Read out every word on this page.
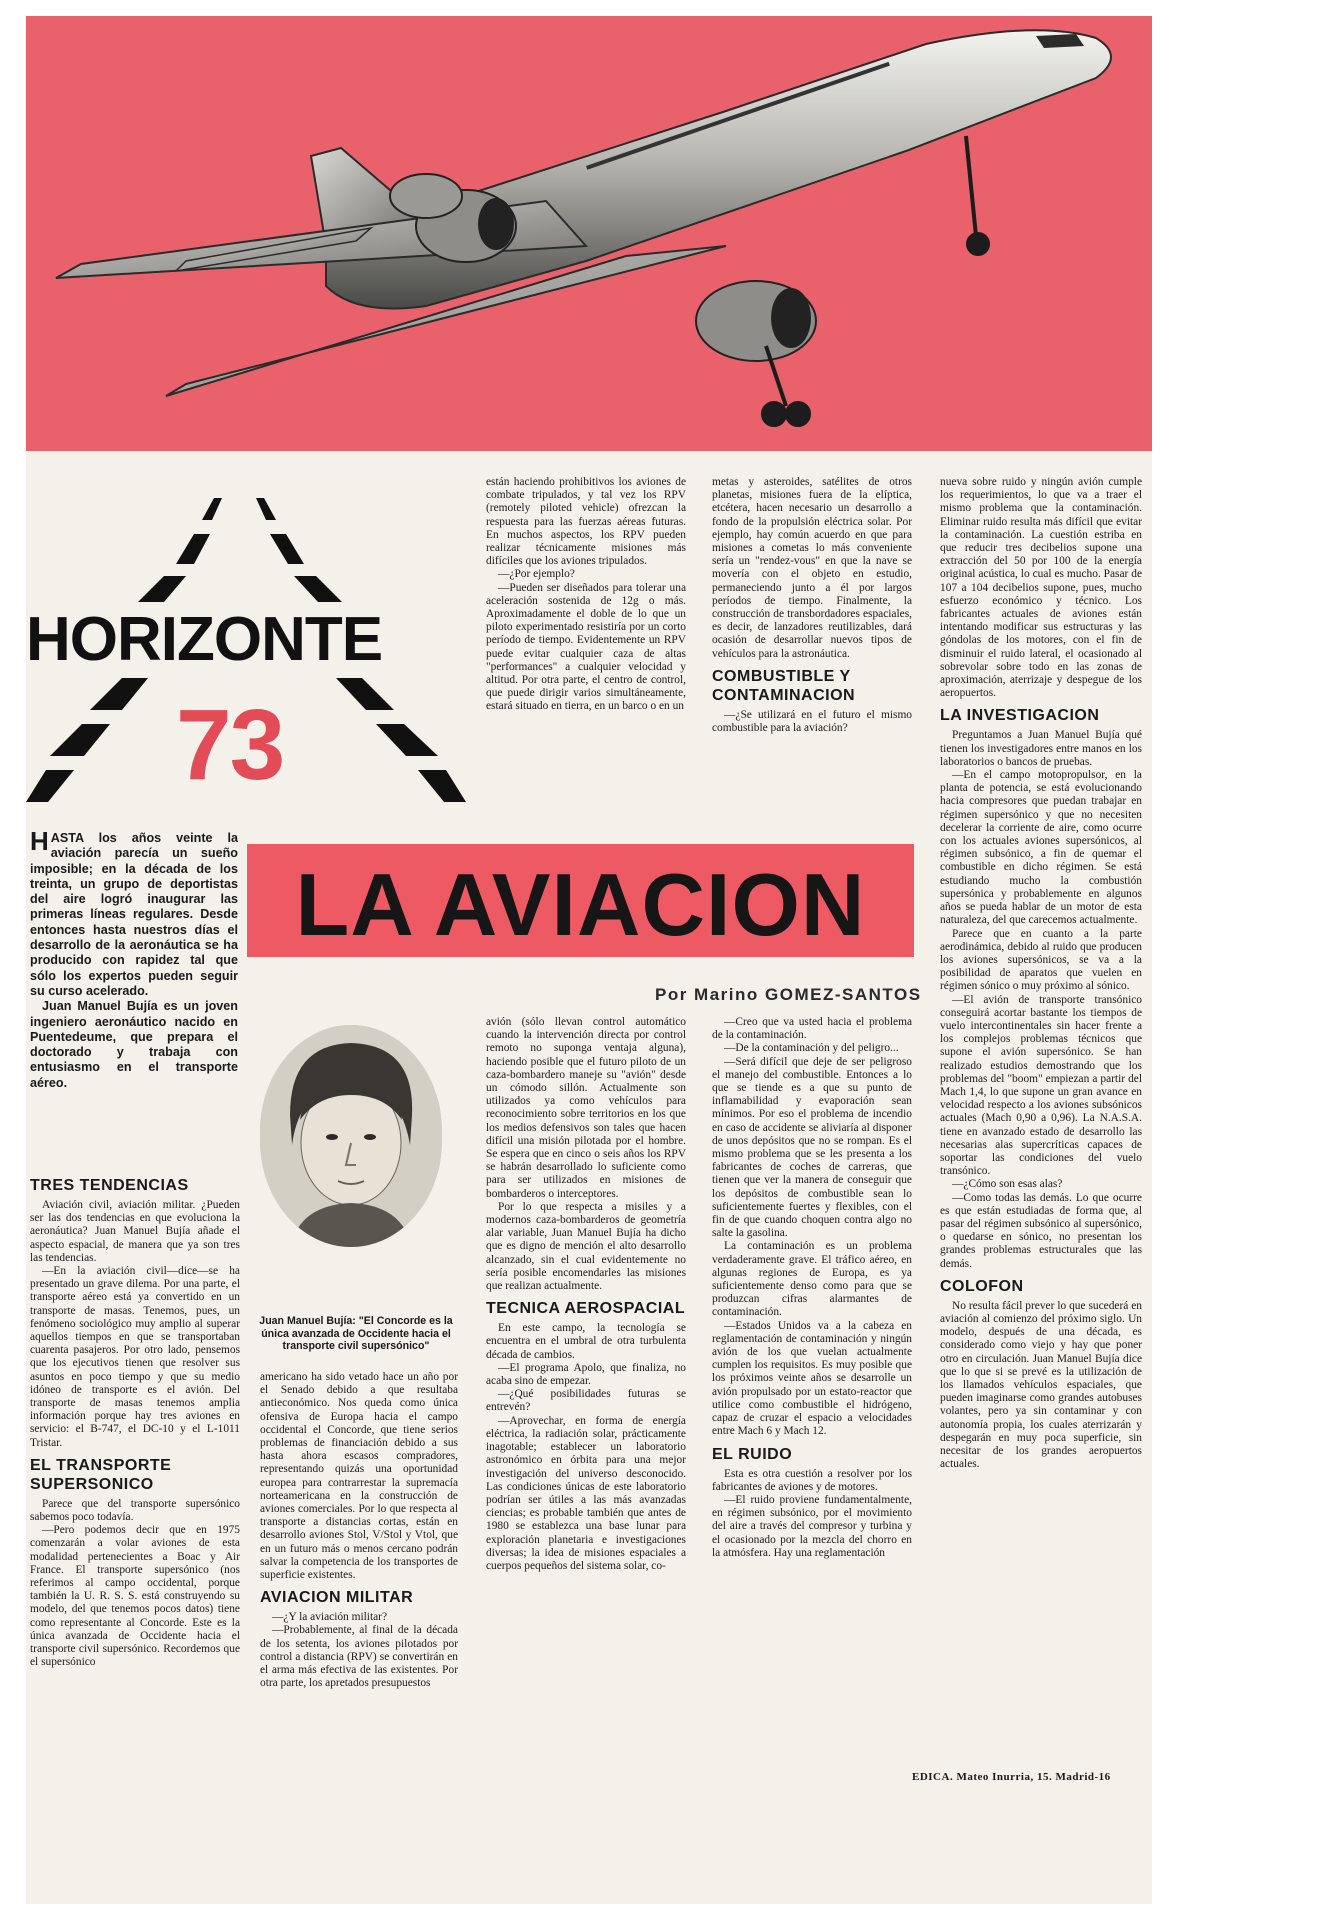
HORIZONTE
73
LA AVIACION
Por Marino GOMEZ-SANTOS

HASTA los años veinte la aviación parecía un sueño imposible; en la década de los treinta, un grupo de deportistas del aire logró inaugurar las primeras líneas regulares. Desde entonces hasta nuestros días el desarrollo de la aeronáutica se ha producido con rapidez tal que sólo los expertos pueden seguir su curso acelerado.

Juan Manuel Bujía es un joven ingeniero aeronáutico nacido en Puentedeume, que prepara el doctorado y trabaja con entusiasmo en el transporte aéreo.

TRES TENDENCIAS

Aviación civil, aviación militar. ¿Pueden ser las dos tendencias en que evoluciona la aeronáutica? Juan Manuel Bujía añade el aspecto espacial, de manera que ya son tres las tendencias.

—En la aviación civil—dice—se ha presentado un grave dilema. Por una parte, el transporte aéreo está ya convertido en un transporte de masas. Tenemos, pues, un fenómeno sociológico muy amplio al superar aquellos tiempos en que se transportaban cuarenta pasajeros. Por otro lado, pensemos que los ejecutivos tienen que resolver sus asuntos en poco tiempo y que su medio idóneo de transporte es el avión. Del transporte de masas tenemos amplia información porque hay tres aviones en servicio: el B-747, el DC-10 y el L-1011 Tristar.

EL TRANSPORTE SUPERSONICO

Parece que del transporte supersónico sabemos poco todavía.

—Pero podemos decir que en 1975 comenzarán a volar aviones de esta modalidad pertenecientes a Boac y Air France. El transporte supersónico (nos referimos al campo occidental, porque también la U. R. S. S. está construyendo su modelo, del que tenemos pocos datos) tiene como representante al Concorde. Este es la única avanzada de Occidente hacia el transporte civil supersónico. Recordemos que el supersónico

Juan Manuel Bujía: "El Concorde es la única avanzada de Occidente hacia el transporte civil supersónico"

americano ha sido vetado hace un año por el Senado debido a que resultaba antieconómico. Nos queda como única ofensiva de Europa hacia el campo occidental el Concorde, que tiene serios problemas de financiación debido a sus hasta ahora escasos compradores, representando quizás una oportunidad europea para contrarrestar la supremacía norteamericana en la construcción de aviones comerciales. Por lo que respecta al transporte a distancias cortas, están en desarrollo aviones Stol, V/Stol y Vtol, que en un futuro más o menos cercano podrán salvar la competencia de los transportes de superficie existentes.

AVIACION MILITAR

—¿Y la aviación militar?

—Probablemente, al final de la década de los setenta, los aviones pilotados por control a distancia (RPV) se convertirán en el arma más efectiva de las existentes. Por otra parte, los apretados presupuestos

están haciendo prohibitivos los aviones de combate tripulados, y tal vez los RPV (remotely piloted vehicle) ofrezcan la respuesta para las fuerzas aéreas futuras. En muchos aspectos, los RPV pueden realizar técnicamente misiones más difíciles que los aviones tripulados.

—¿Por ejemplo?

—Pueden ser diseñados para tolerar una aceleración sostenida de 12g o más. Aproximadamente el doble de lo que un piloto experimentado resistiría por un corto período de tiempo. Evidentemente un RPV puede evitar cualquier caza de altas "performances" a cualquier velocidad y altitud. Por otra parte, el centro de control, que puede dirigir varios simultáneamente, estará situado en tierra, en un barco o en un

avión (sólo llevan control automático cuando la intervención directa por control remoto no suponga ventaja alguna), haciendo posible que el futuro piloto de un caza-bombardero maneje su "avión" desde un cómodo sillón. Actualmente son utilizados ya como vehículos para reconocimiento sobre territorios en los que los medios defensivos son tales que hacen difícil una misión pilotada por el hombre. Se espera que en cinco o seis años los RPV se habrán desarrollado lo suficiente como para ser utilizados en misiones de bombarderos o interceptores.

Por lo que respecta a misiles y a modernos caza-bombarderos de geometría alar variable, Juan Manuel Bujía ha dicho que es digno de mención el alto desarrollo alcanzado, sin el cual evidentemente no sería posible encomendarles las misiones que realizan actualmente.

TECNICA AEROSPACIAL

En este campo, la tecnología se encuentra en el umbral de otra turbulenta década de cambios.

—El programa Apolo, que finaliza, no acaba sino de empezar.

—¿Qué posibilidades futuras se entrevén?

—Aprovechar, en forma de energía eléctrica, la radiación solar, prácticamente inagotable; establecer un laboratorio astronómico en órbita para una mejor investigación del universo desconocido. Las condiciones únicas de este laboratorio podrían ser útiles a las más avanzadas ciencias; es probable también que antes de 1980 se establezca una base lunar para exploración planetaria e investigaciones diversas; la idea de misiones espaciales a cuerpos pequeños del sistema solar, co-

metas y asteroides, satélites de otros planetas, misiones fuera de la elíptica, etcétera, hacen necesario un desarrollo a fondo de la propulsión eléctrica solar. Por ejemplo, hay común acuerdo en que para misiones a cometas lo más conveniente sería un "rendez-vous" en que la nave se movería con el objeto en estudio, permaneciendo junto a él por largos períodos de tiempo. Finalmente, la construcción de transbordadores espaciales, es decir, de lanzadores reutilizables, dará ocasión de desarrollar nuevos tipos de vehículos para la astronáutica.

COMBUSTIBLE Y CONTAMINACION

—¿Se utilizará en el futuro el mismo combustible para la aviación?

—Creo que va usted hacia el problema de la contaminación.

—De la contaminación y del peligro...

—Será difícil que deje de ser peligroso el manejo del combustible. Entonces a lo que se tiende es a que su punto de inflamabilidad y evaporación sean mínimos. Por eso el problema de incendio en caso de accidente se aliviaría al disponer de unos depósitos que no se rompan. Es el mismo problema que se les presenta a los fabricantes de coches de carreras, que tienen que ver la manera de conseguir que los depósitos de combustible sean lo suficientemente fuertes y flexibles, con el fin de que cuando choquen contra algo no salte la gasolina.

La contaminación es un problema verdaderamente grave. El tráfico aéreo, en algunas regiones de Europa, es ya suficientemente denso como para que se produzcan cifras alarmantes de contaminación.

—Estados Unidos va a la cabeza en reglamentación de contaminación y ningún avión de los que vuelan actualmente cumplen los requisitos. Es muy posible que los próximos veinte años se desarrolle un avión propulsado por un estato-reactor que utilice como combustible el hidrógeno, capaz de cruzar el espacio a velocidades entre Mach 6 y Mach 12.

EL RUIDO

Esta es otra cuestión a resolver por los fabricantes de aviones y de motores.

—El ruido proviene fundamentalmente, en régimen subsónico, por el movimiento del aire a través del compresor y turbina y el ocasionado por la mezcla del chorro en la atmósfera. Hay una reglamentación

nueva sobre ruido y ningún avión cumple los requerimientos, lo que va a traer el mismo problema que la contaminación. Eliminar ruido resulta más difícil que evitar la contaminación. La cuestión estriba en que reducir tres decibelios supone una extracción del 50 por 100 de la energía original acústica, lo cual es mucho. Pasar de 107 a 104 decibelios supone, pues, mucho esfuerzo económico y técnico. Los fabricantes actuales de aviones están intentando modificar sus estructuras y las góndolas de los motores, con el fin de disminuir el ruido lateral, el ocasionado al sobrevolar sobre todo en las zonas de aproximación, aterrizaje y despegue de los aeropuertos.

LA INVESTIGACION

Preguntamos a Juan Manuel Bujía qué tienen los investigadores entre manos en los laboratorios o bancos de pruebas.

—En el campo motopropulsor, en la planta de potencia, se está evolucionando hacia compresores que puedan trabajar en régimen supersónico y que no necesiten decelerar la corriente de aire, como ocurre con los actuales aviones supersónicos, al régimen subsónico, a fin de quemar el combustible en dicho régimen. Se está estudiando mucho la combustión supersónica y probablemente en algunos años se pueda hablar de un motor de esta naturaleza, del que carecemos actualmente.

Parece que en cuanto a la parte aerodinámica, debido al ruido que producen los aviones supersónicos, se va a la posibilidad de aparatos que vuelen en régimen sónico o muy próximo al sónico.

—El avión de transporte transónico conseguirá acortar bastante los tiempos de vuelo intercontinentales sin hacer frente a los complejos problemas técnicos que supone el avión supersónico. Se han realizado estudios demostrando que los problemas del "boom" empiezan a partir del Mach 1,4, lo que supone un gran avance en velocidad respecto a los aviones subsónicos actuales (Mach 0,90 a 0,96). La N.A.S.A. tiene en avanzado estado de desarrollo las necesarias alas supercríticas capaces de soportar las condiciones del vuelo transónico.

—¿Cómo son esas alas?

—Como todas las demás. Lo que ocurre es que están estudiadas de forma que, al pasar del régimen subsónico al supersónico, o quedarse en sónico, no presentan los grandes problemas estructurales que las demás.

COLOFON

No resulta fácil prever lo que sucederá en aviación al comienzo del próximo siglo. Un modelo, después de una década, es considerado como viejo y hay que poner otro en circulación. Juan Manuel Bujía dice que lo que si se prevé es la utilización de los llamados vehículos espaciales, que pueden imaginarse como grandes autobuses volantes, pero ya sin contaminar y con autonomía propia, los cuales aterrizarán y despegarán en muy poca superficie, sin necesitar de los grandes aeropuertos actuales.

EDICA. Mateo Inurria, 15. Madrid-16
